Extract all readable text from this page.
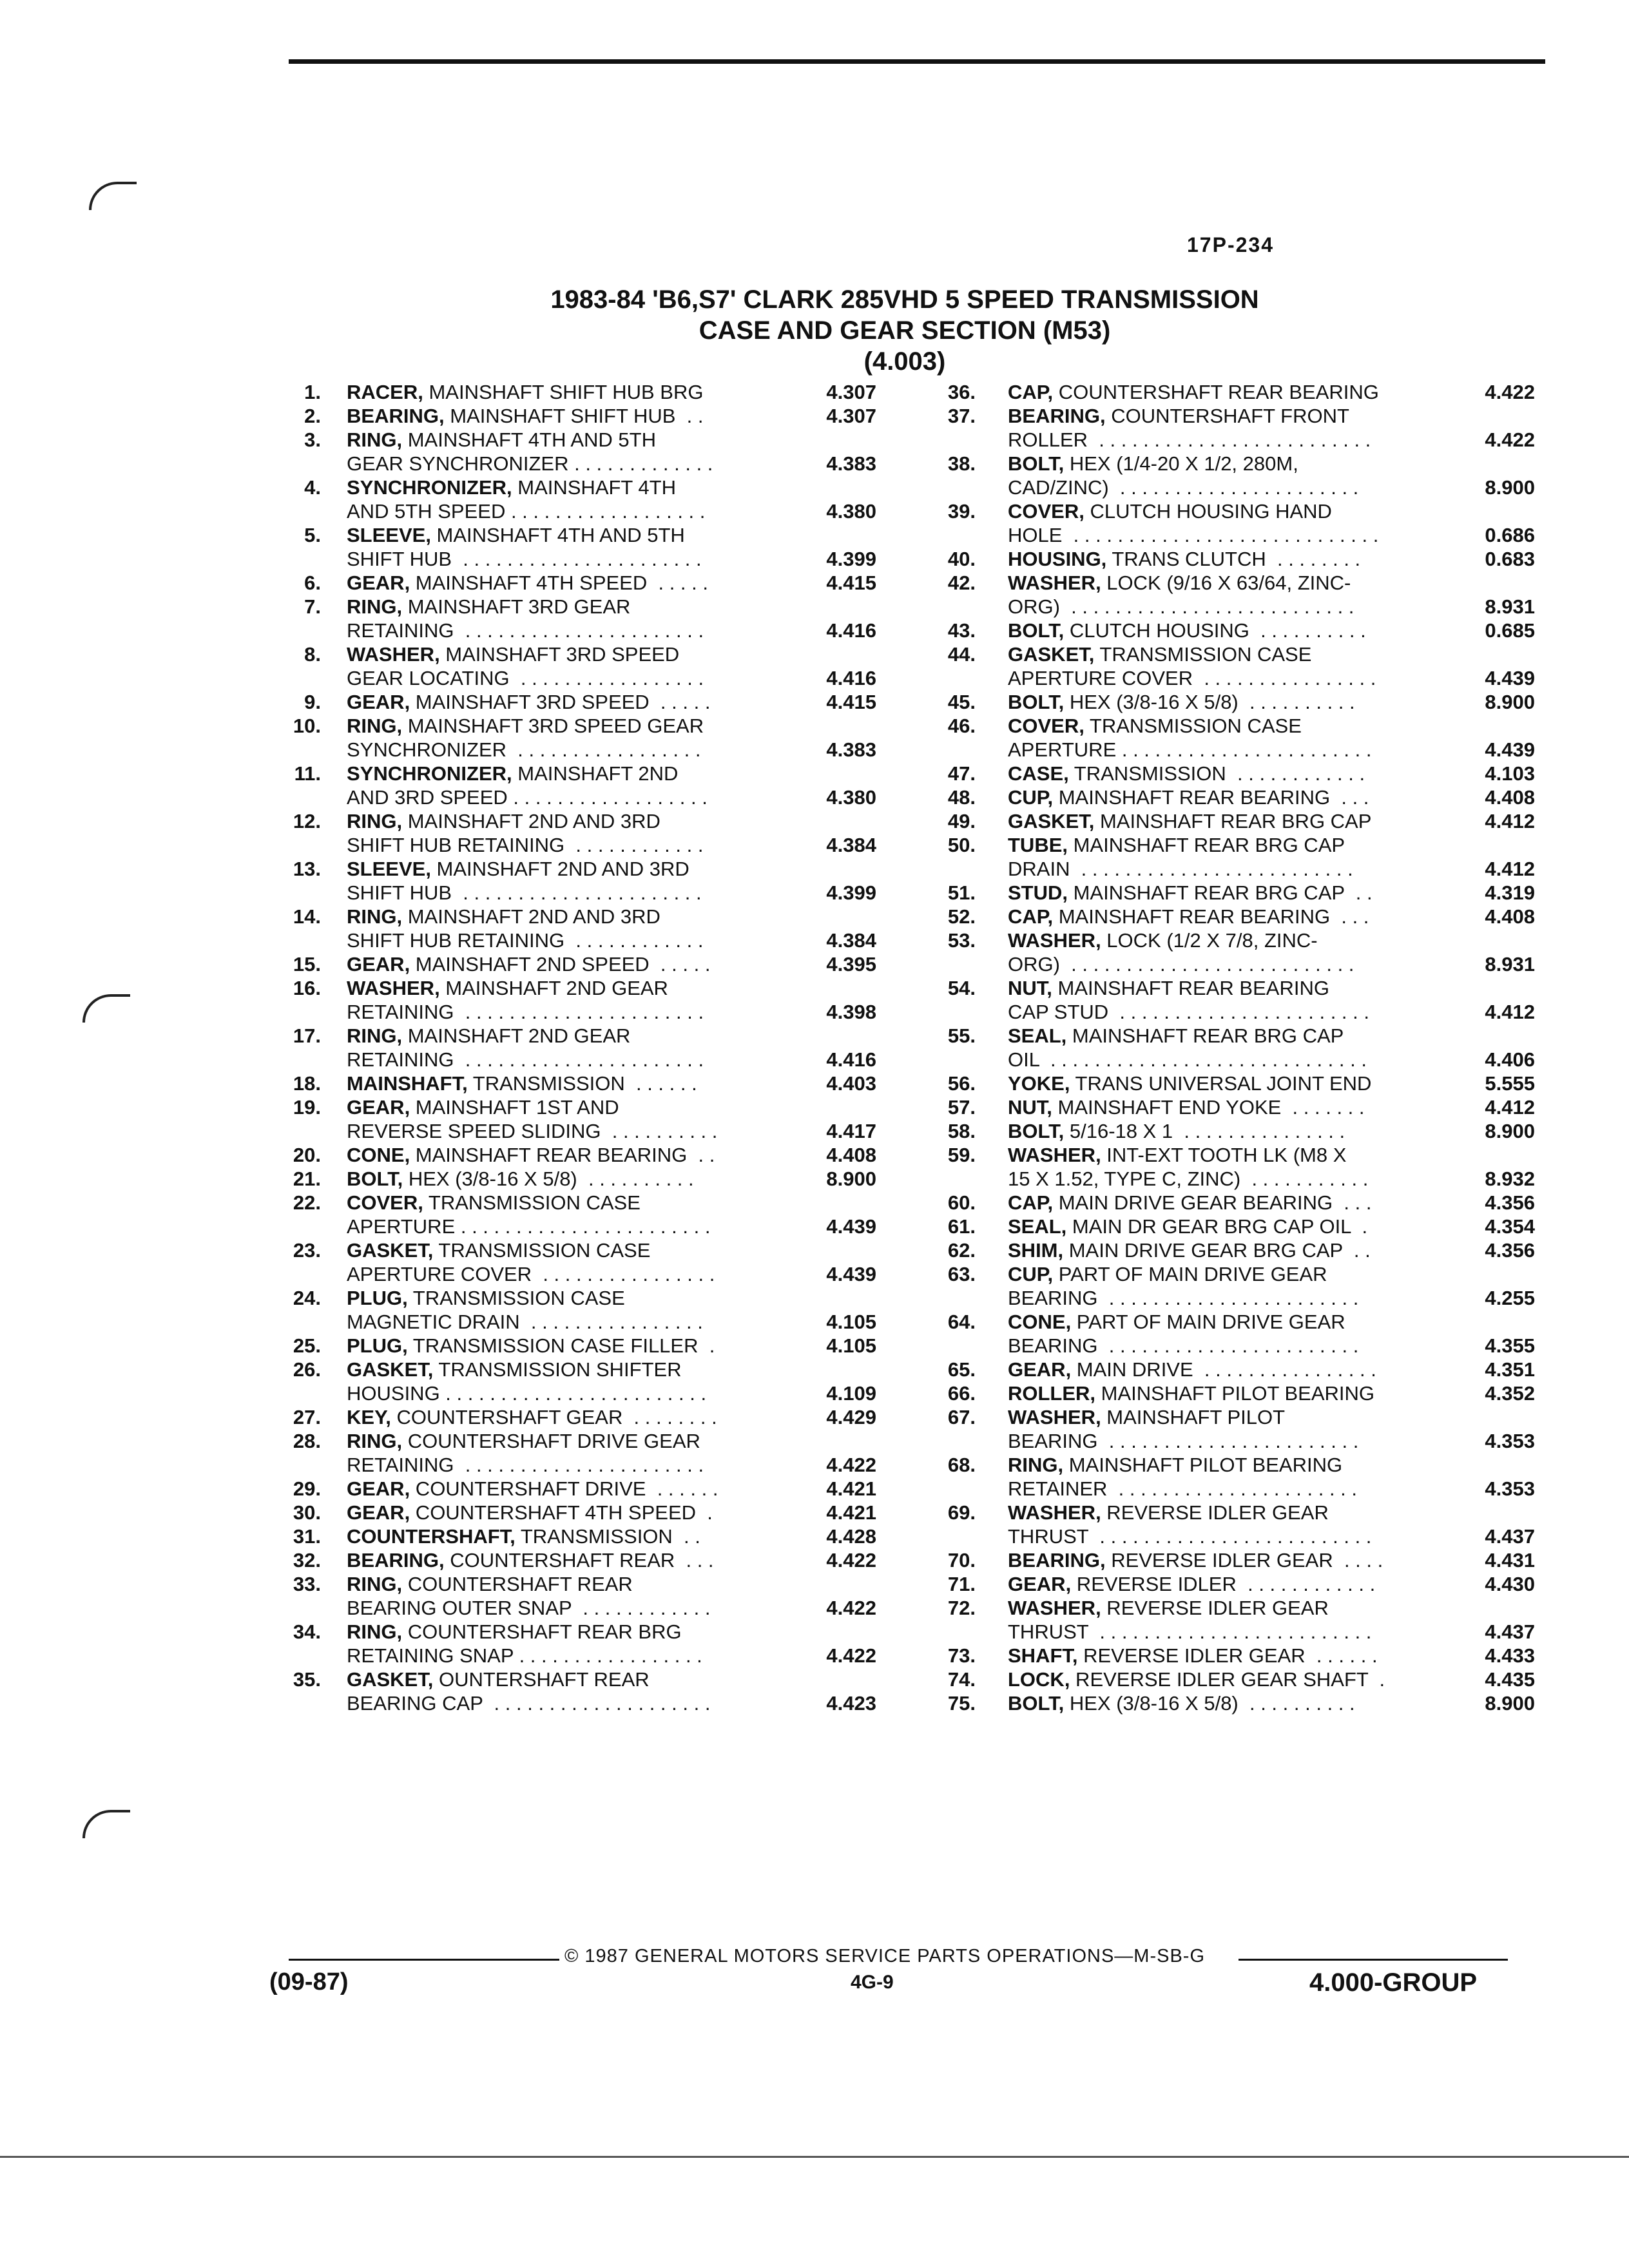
17P-234
1983-84 'B6,S7' CLARK 285VHD 5 SPEED TRANSMISSION
CASE AND GEAR SECTION (M53)
(4.003)
1. RACER, MAINSHAFT SHIFT HUB BRG	4.307
2. BEARING, MAINSHAFT SHIFT HUB  . .	4.307
3. RING, MAINSHAFT 4TH AND 5TH
GEAR SYNCHRONIZER . . . . . . . . . . . . .	4.383
4. SYNCHRONIZER, MAINSHAFT 4TH
AND 5TH SPEED . . . . . . . . . . . . . . . . . .	4.380
5. SLEEVE, MAINSHAFT 4TH AND 5TH
SHIFT HUB  . . . . . . . . . . . . . . . . . . . . . .	4.399
6. GEAR, MAINSHAFT 4TH SPEED  . . . . .	4.415
7. RING, MAINSHAFT 3RD GEAR
RETAINING  . . . . . . . . . . . . . . . . . . . . . .	4.416
8. WASHER, MAINSHAFT 3RD SPEED
GEAR LOCATING  . . . . . . . . . . . . . . . . .	4.416
9. GEAR, MAINSHAFT 3RD SPEED  . . . . .	4.415
10. RING, MAINSHAFT 3RD SPEED GEAR
SYNCHRONIZER  . . . . . . . . . . . . . . . . .	4.383
11. SYNCHRONIZER, MAINSHAFT 2ND
AND 3RD SPEED . . . . . . . . . . . . . . . . . .	4.380
12. RING, MAINSHAFT 2ND AND 3RD
SHIFT HUB RETAINING  . . . . . . . . . . . .	4.384
13. SLEEVE, MAINSHAFT 2ND AND 3RD
SHIFT HUB  . . . . . . . . . . . . . . . . . . . . . .	4.399
14. RING, MAINSHAFT 2ND AND 3RD
SHIFT HUB RETAINING  . . . . . . . . . . . .	4.384
15. GEAR, MAINSHAFT 2ND SPEED  . . . . .	4.395
16. WASHER, MAINSHAFT 2ND GEAR
RETAINING  . . . . . . . . . . . . . . . . . . . . . .	4.398
17. RING, MAINSHAFT 2ND GEAR
RETAINING  . . . . . . . . . . . . . . . . . . . . . .	4.416
18. MAINSHAFT, TRANSMISSION  . . . . . .	4.403
19. GEAR, MAINSHAFT 1ST AND
REVERSE SPEED SLIDING  . . . . . . . . . .	4.417
20. CONE, MAINSHAFT REAR BEARING  . .	4.408
21. BOLT, HEX (3/8-16 X 5/8)  . . . . . . . . . .	8.900
22. COVER, TRANSMISSION CASE
APERTURE . . . . . . . . . . . . . . . . . . . . . . .	4.439
23. GASKET, TRANSMISSION CASE
APERTURE COVER  . . . . . . . . . . . . . . . .	4.439
24. PLUG, TRANSMISSION CASE
MAGNETIC DRAIN  . . . . . . . . . . . . . . . .	4.105
25. PLUG, TRANSMISSION CASE FILLER  .	4.105
26. GASKET, TRANSMISSION SHIFTER
HOUSING . . . . . . . . . . . . . . . . . . . . . . . .	4.109
27. KEY, COUNTERSHAFT GEAR  . . . . . . . .	4.429
28. RING, COUNTERSHAFT DRIVE GEAR
RETAINING  . . . . . . . . . . . . . . . . . . . . . .	4.422
29. GEAR, COUNTERSHAFT DRIVE  . . . . . .	4.421
30. GEAR, COUNTERSHAFT 4TH SPEED  .	4.421
31. COUNTERSHAFT, TRANSMISSION  . .	4.428
32. BEARING, COUNTERSHAFT REAR  . . .	4.422
33. RING, COUNTERSHAFT REAR
BEARING OUTER SNAP  . . . . . . . . . . . .	4.422
34. RING, COUNTERSHAFT REAR BRG
RETAINING SNAP . . . . . . . . . . . . . . . . .	4.422
35. GASKET, OUNTERSHAFT REAR
BEARING CAP  . . . . . . . . . . . . . . . . . . . .	4.423
36. CAP, COUNTERSHAFT REAR BEARING	4.422
37. BEARING, COUNTERSHAFT FRONT
ROLLER  . . . . . . . . . . . . . . . . . . . . . . . . .	4.422
38. BOLT, HEX (1/4-20 X 1/2, 280M,
CAD/ZINC)  . . . . . . . . . . . . . . . . . . . . . .	8.900
39. COVER, CLUTCH HOUSING HAND
HOLE  . . . . . . . . . . . . . . . . . . . . . . . . . . . .	0.686
40. HOUSING, TRANS CLUTCH  . . . . . . . .	0.683
42. WASHER, LOCK (9/16 X 63/64, ZINC-
ORG)  . . . . . . . . . . . . . . . . . . . . . . . . . .	8.931
43. BOLT, CLUTCH HOUSING  . . . . . . . . . .	0.685
44. GASKET, TRANSMISSION CASE
APERTURE COVER  . . . . . . . . . . . . . . . .	4.439
45. BOLT, HEX (3/8-16 X 5/8)  . . . . . . . . . .	8.900
46. COVER, TRANSMISSION CASE
APERTURE . . . . . . . . . . . . . . . . . . . . . . .	4.439
47. CASE, TRANSMISSION  . . . . . . . . . . . .	4.103
48. CUP, MAINSHAFT REAR BEARING  . . .	4.408
49. GASKET, MAINSHAFT REAR BRG CAP	4.412
50. TUBE, MAINSHAFT REAR BRG CAP
DRAIN  . . . . . . . . . . . . . . . . . . . . . . . . .	4.412
51. STUD, MAINSHAFT REAR BRG CAP  . .	4.319
52. CAP, MAINSHAFT REAR BEARING  . . .	4.408
53. WASHER, LOCK (1/2 X 7/8, ZINC-
ORG)  . . . . . . . . . . . . . . . . . . . . . . . . . .	8.931
54. NUT, MAINSHAFT REAR BEARING
CAP STUD  . . . . . . . . . . . . . . . . . . . . . . .	4.412
55. SEAL, MAINSHAFT REAR BRG CAP
OIL  . . . . . . . . . . . . . . . . . . . . . . . . . . . . .	4.406
56. YOKE, TRANS UNIVERSAL JOINT END	5.555
57. NUT, MAINSHAFT END YOKE  . . . . . . .	4.412
58. BOLT, 5/16-18 X 1  . . . . . . . . . . . . . . .	8.900
59. WASHER, INT-EXT TOOTH LK (M8 X
15 X 1.52, TYPE C, ZINC)  . . . . . . . . . . .	8.932
60. CAP, MAIN DRIVE GEAR BEARING  . . .	4.356
61. SEAL, MAIN DR GEAR BRG CAP OIL  .	4.354
62. SHIM, MAIN DRIVE GEAR BRG CAP  . .	4.356
63. CUP, PART OF MAIN DRIVE GEAR
BEARING  . . . . . . . . . . . . . . . . . . . . . . .	4.255
64. CONE, PART OF MAIN DRIVE GEAR
BEARING  . . . . . . . . . . . . . . . . . . . . . . .	4.355
65. GEAR, MAIN DRIVE  . . . . . . . . . . . . . . . .	4.351
66. ROLLER, MAINSHAFT PILOT BEARING	4.352
67. WASHER, MAINSHAFT PILOT
BEARING  . . . . . . . . . . . . . . . . . . . . . . .	4.353
68. RING, MAINSHAFT PILOT BEARING
RETAINER  . . . . . . . . . . . . . . . . . . . . . .	4.353
69. WASHER, REVERSE IDLER GEAR
THRUST  . . . . . . . . . . . . . . . . . . . . . . . . .	4.437
70. BEARING, REVERSE IDLER GEAR  . . . .	4.431
71. GEAR, REVERSE IDLER  . . . . . . . . . . . .	4.430
72. WASHER, REVERSE IDLER GEAR
THRUST  . . . . . . . . . . . . . . . . . . . . . . . . .	4.437
73. SHAFT, REVERSE IDLER GEAR  . . . . . .	4.433
74. LOCK, REVERSE IDLER GEAR SHAFT  .	4.435
75. BOLT, HEX (3/8-16 X 5/8)  . . . . . . . . . .	8.900
© 1987 GENERAL MOTORS SERVICE PARTS OPERATIONS—M-SB-G
(09-87)	4G-9	4.000-GROUP
